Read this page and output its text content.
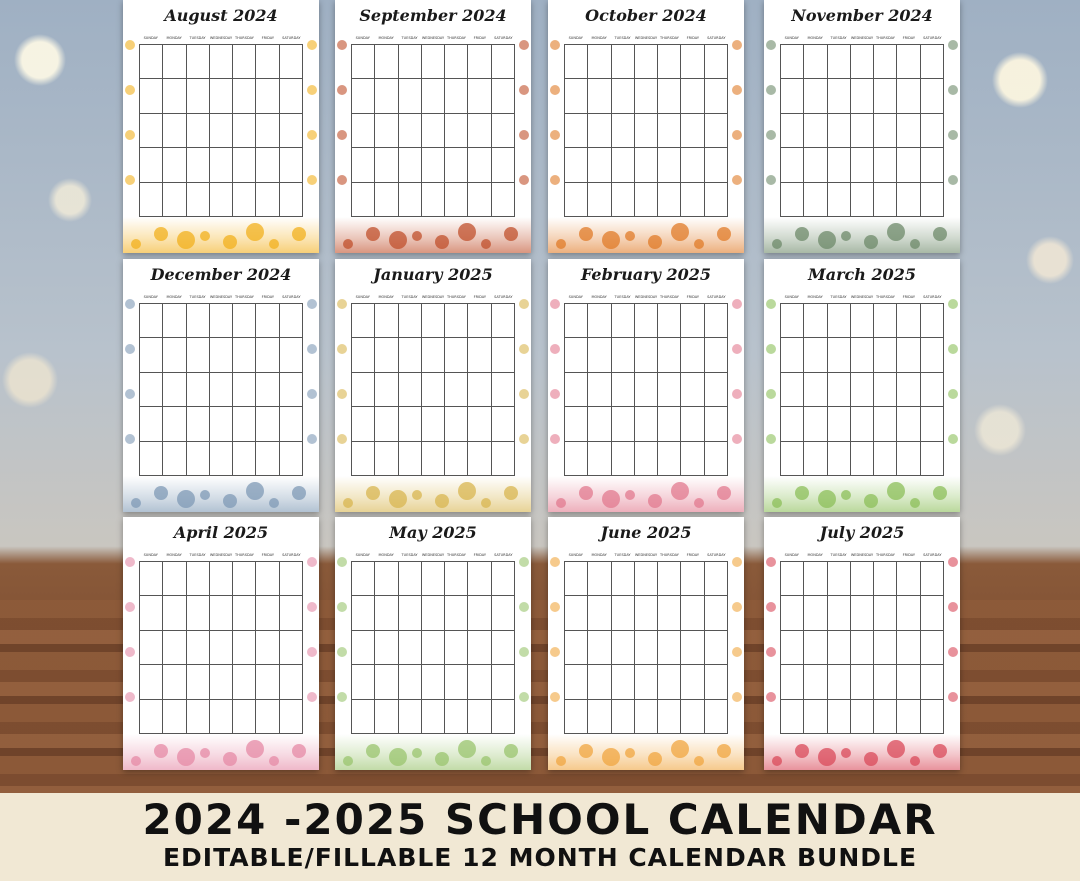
August 2024
SUNDAY	MONDAY	TUESDAY	WEDNESDAY THURSDAY	FRIDAY	SATURDAY
September 2024
SUNDAY	MONDAY	TUESDAY	WEDNESDAY THURSDAY	FRIDAY	SATURDAY
October 2024
SUNDAY	MONDAY	TUESDAY	WEDNESDAY THURSDAY	FRIDAY	SATURDAY
November 2024
SUNDAY	MONDAY	TUESDAY	WEDNESDAY THURSDAY	FRIDAY	SATURDAY
December 2024
SUNDAY	MONDAY	TUESDAY	WEDNESDAY THURSDAY	FRIDAY	SATURDAY
January 2025
SUNDAY	MONDAY	TUESDAY	WEDNESDAY THURSDAY	FRIDAY	SATURDAY
February 2025
SUNDAY	MONDAY	TUESDAY	WEDNESDAY THURSDAY	FRIDAY	SATURDAY
March 2025
SUNDAY	MONDAY	TUESDAY	WEDNESDAY THURSDAY	FRIDAY	SATURDAY
April 2025
SUNDAY	MONDAY	TUESDAY	WEDNESDAY THURSDAY	FRIDAY	SATURDAY
May 2025
SUNDAY	MONDAY	TUESDAY	WEDNESDAY THURSDAY	FRIDAY	SATURDAY
June 2025
SUNDAY	MONDAY	TUESDAY	WEDNESDAY THURSDAY	FRIDAY	SATURDAY
July 2025
SUNDAY	MONDAY	TUESDAY	WEDNESDAY THURSDAY	FRIDAY	SATURDAY
2024 -2025 SCHOOL CALENDAR
EDITABLE/FILLABLE 12 MONTH CALENDAR BUNDLE
